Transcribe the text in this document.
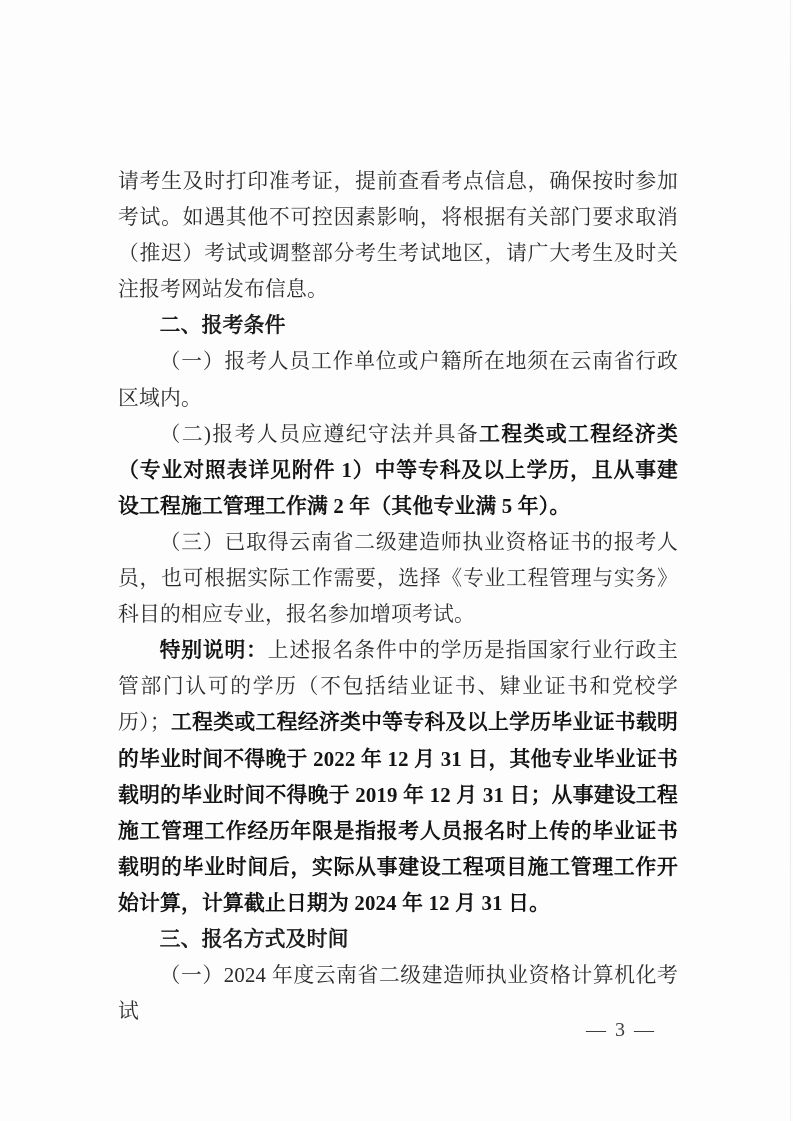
请考生及时打印准考证，提前查看考点信息，确保按时参加考试。如遇其他不可控因素影响，将根据有关部门要求取消（推迟）考试或调整部分考生考试地区，请广大考生及时关注报考网站发布信息。

二、报考条件

（一）报考人员工作单位或户籍所在地须在云南省行政区域内。

（二)报考人员应遵纪守法并具备工程类或工程经济类（专业对照表详见附件 1）中等专科及以上学历，且从事建设工程施工管理工作满 2 年（其他专业满 5 年）。

（三）已取得云南省二级建造师执业资格证书的报考人员，也可根据实际工作需要，选择《专业工程管理与实务》科目的相应专业，报名参加增项考试。

特别说明：上述报名条件中的学历是指国家行业行政主管部门认可的学历（不包括结业证书、肄业证书和党校学历）；工程类或工程经济类中等专科及以上学历毕业证书载明的毕业时间不得晚于 2022 年 12 月 31 日，其他专业毕业证书载明的毕业时间不得晚于 2019 年 12 月 31 日；从事建设工程施工管理工作经历年限是指报考人员报名时上传的毕业证书载明的毕业时间后，实际从事建设工程项目施工管理工作开始计算，计算截止日期为 2024 年 12 月 31 日。

三、报名方式及时间

（一）2024 年度云南省二级建造师执业资格计算机化考试

— 3 —
